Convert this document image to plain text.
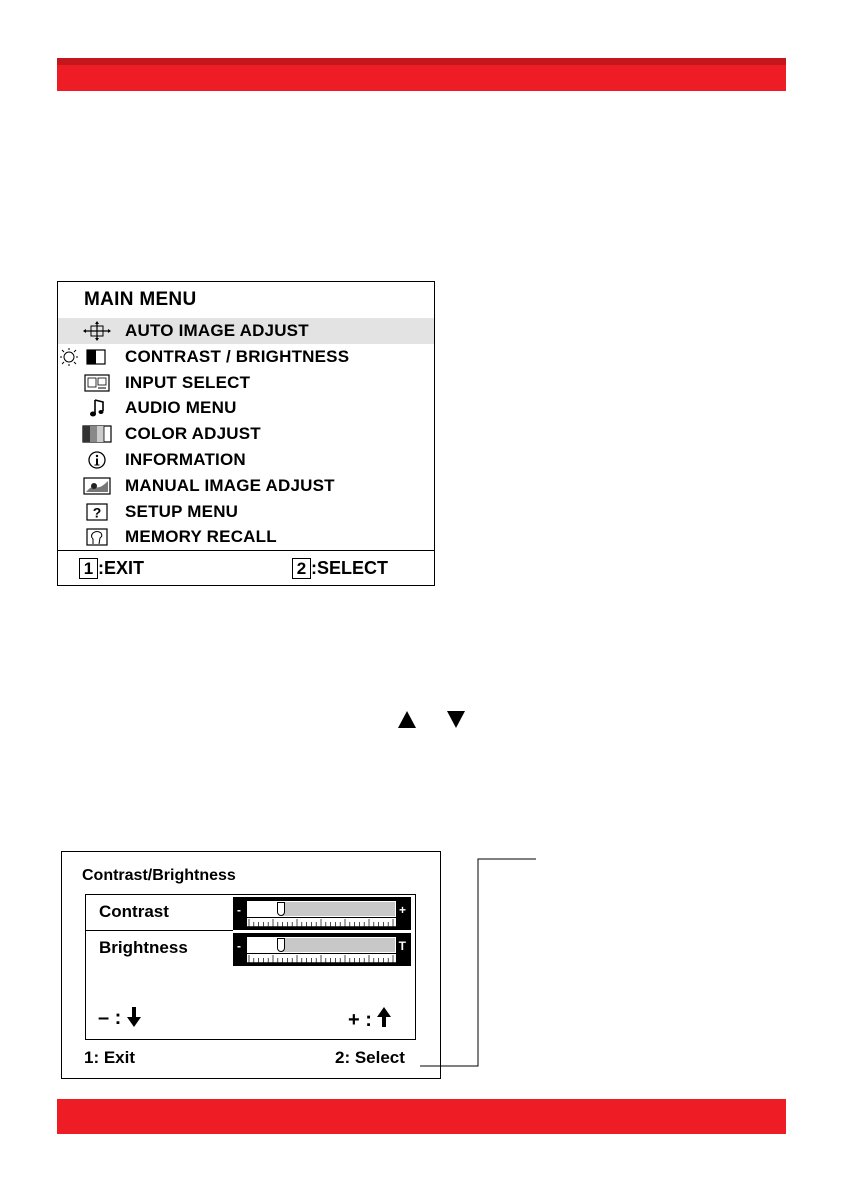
MAIN MENU
AUTO IMAGE ADJUST
CONTRAST / BRIGHTNESS
INPUT SELECT
AUDIO MENU
COLOR ADJUST
INFORMATION
MANUAL IMAGE ADJUST
? SETUP MENU
MEMORY RECALL
1 :EXIT	2 :SELECT
Contrast/Brightness
Contrast	-	+
Brightness	-	T
– :	+ :
1: Exit	2: Select
